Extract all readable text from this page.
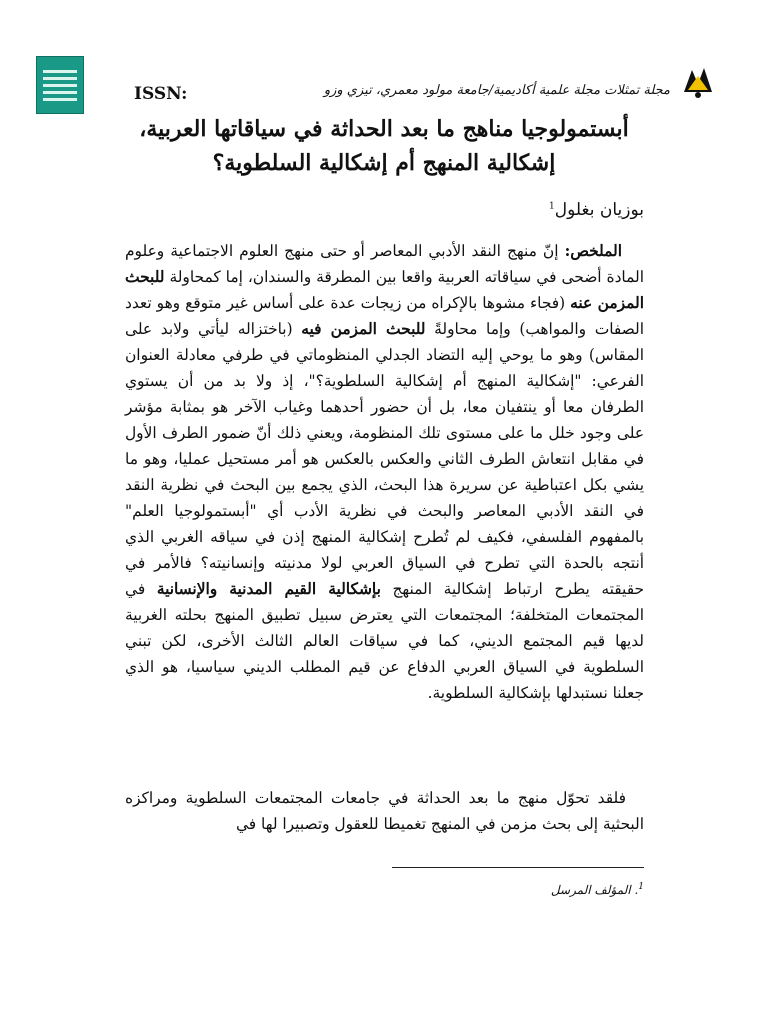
ISSN:	مجلة تمثلات مجلة علمية أكاديمية/جامعة مولود معمري، تيزي وزو
أبستمولوجيا مناهج ما بعد الحداثة في سياقاتها العربية،
إشكالية المنهج أم إشكالية السلطوية؟
بوزيان بغلول$^1$
الملخص: إنّ منهج النقد الأدبي المعاصر أو حتى منهج العلوم الاجتماعية وعلوم المادة أضحى في سياقاته العربية واقعا بين المطرقة والسندان، إما كمحاولة للبحث المزمن عنه (فجاء مشوها بالإكراه من زيجات عدة على أساس غير متوقع وهو تعدد الصفات والمواهب) وإما محاولةً للبحث المزمن فيه (باختزاله ليأتي ولابد على المقاس) وهو ما يوحي إليه التضاد الجدلي المنظوماتي في طرفي معادلة العنوان الفرعي: "إشكالية المنهج أم إشكالية السلطوية؟"، إذ ولا بد من أن يستوي الطرفان معا أو ينتفيان معا، بل أن حضور أحدهما وغياب الآخر هو بمثابة مؤشر على وجود خلل ما على مستوى تلك المنظومة، ويعني ذلك أنّ ضمور الطرف الأول في مقابل انتعاش الطرف الثاني والعكس بالعكس هو أمر مستحيل عمليا، وهو ما يشي بكل اعتباطية عن سريرة هذا البحث، الذي يجمع بين البحث في نظرية النقد في النقد الأدبي المعاصر والبحث في نظرية الأدب أي "أبستمولوجيا العلم" بالمفهوم الفلسفي، فكيف لم تُطرح إشكالية المنهج إذن في سياقه الغربي الذي أنتجه بالحدة التي تطرح في السياق العربي لولا مدنيته وإنسانيته؟ فالأمر في حقيقته يطرح ارتباط إشكالية المنهج بإشكالية القيم المدنية والإنسانية في المجتمعات المتخلفة؛ المجتمعات التي يعترض سبيل تطبيق المنهج بحلته الغربية لديها قيم المجتمع الديني، كما في سياقات العالم الثالث الأخرى، لكن تبني السلطوية في السياق العربي الدفاع عن قيم المطلب الديني سياسيا، هو الذي جعلنا نستبدلها بإشكالية السلطوية.
فلقد تحوّل منهج ما بعد الحداثة في جامعات المجتمعات السلطوية ومراكزه البحثية إلى بحث مزمن في المنهج تغميطا للعقول وتصبيرا لها في
$^1$. المؤلف المرسل
